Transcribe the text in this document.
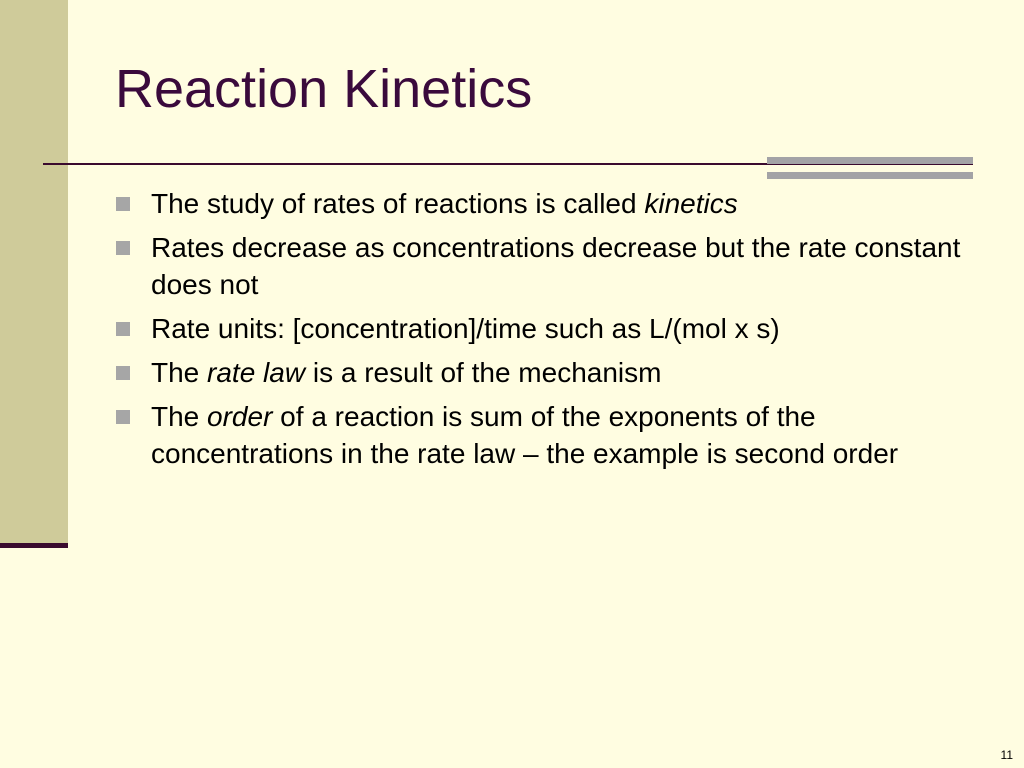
Reaction Kinetics
The study of rates of reactions is called kinetics
Rates decrease as concentrations decrease but the rate constant does not
Rate units: [concentration]/time such as L/(mol x s)
The rate law is a result of the mechanism
The order of a reaction is sum of the exponents of the concentrations in the rate law – the example is second order
11
